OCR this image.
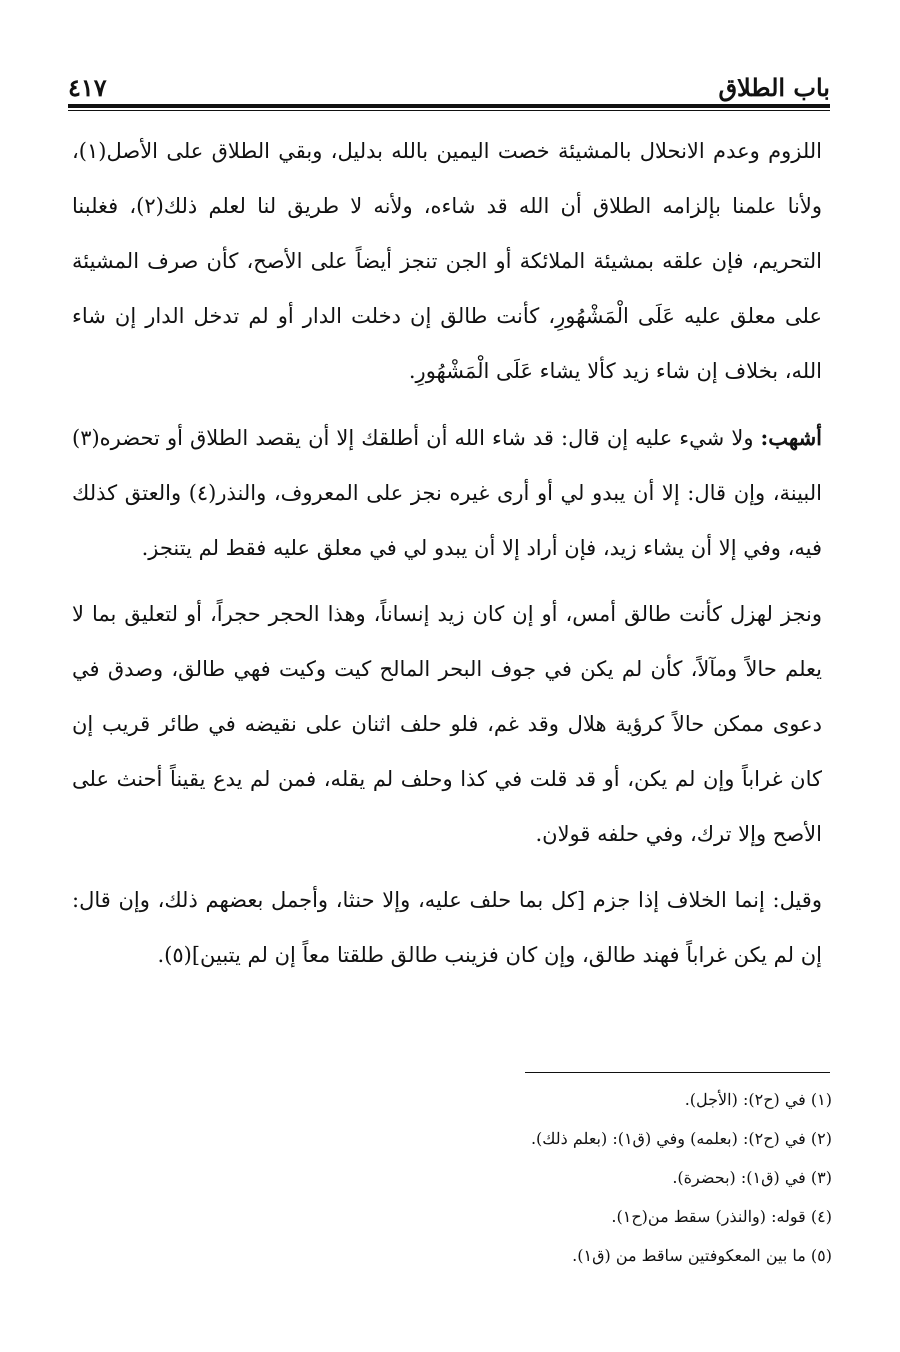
باب الطلاق
٤١٧

اللزوم وعدم الانحلال بالمشيئة خصت اليمين بالله بدليل، وبقي الطلاق على الأصل(١)، ولأنا علمنا بإلزامه الطلاق أن الله قد شاءه، ولأنه لا طريق لنا لعلم ذلك(٢)، فغلبنا التحريم، فإن علقه بمشيئة الملائكة أو الجن تنجز أيضاً على الأصح، كأن صرف المشيئة على معلق عليه عَلَى الْمَشْهُورِ، كأنت طالق إن دخلت الدار أو لم تدخل الدار إن شاء الله، بخلاف إن شاء زيد كألا يشاء عَلَى الْمَشْهُورِ.

أشهب: ولا شيء عليه إن قال: قد شاء الله أن أطلقك إلا أن يقصد الطلاق أو تحضره(٣) البينة، وإن قال: إلا أن يبدو لي أو أرى غيره نجز على المعروف، والنذر(٤) والعتق كذلك فيه، وفي إلا أن يشاء زيد، فإن أراد إلا أن يبدو لي في معلق عليه فقط لم يتنجز.

ونجز لهزل كأنت طالق أمس، أو إن كان زيد إنساناً، وهذا الحجر حجراً، أو لتعليق بما لا يعلم حالاً ومآلاً، كأن لم يكن في جوف البحر المالح كيت وكيت فهي طالق، وصدق في دعوى ممكن حالاً كرؤية هلال وقد غم، فلو حلف اثنان على نقيضه في طائر قريب إن كان غراباً وإن لم يكن، أو قد قلت في كذا وحلف لم يقله، فمن لم يدع يقيناً أحنث على الأصح وإلا ترك، وفي حلفه قولان.

وقيل: إنما الخلاف إذا جزم [كل بما حلف عليه، وإلا حنثا، وأجمل بعضهم ذلك، وإن قال: إن لم يكن غراباً فهند طالق، وإن كان فزينب طالق طلقتا معاً إن لم يتبين](٥).

(١) في (ح٢): (الأجل).
(٢) في (ح٢): (بعلمه) وفي (ق١): (بعلم ذلك).
(٣) في (ق١): (بحضرة).
(٤) قوله: (والنذر) سقط من(ح١).
(٥) ما بين المعكوفتين ساقط من (ق١).
